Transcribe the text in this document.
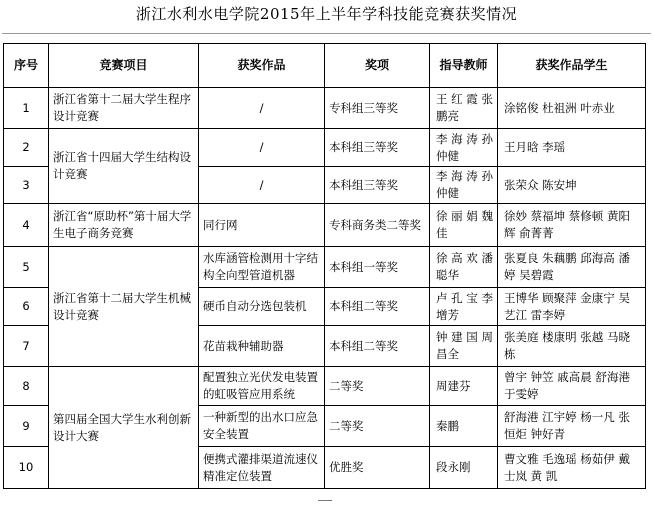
浙江水利水电学院2015年上半年学科技能竞赛获奖情况
序号	竞赛项目	获奖作品	奖项	指导教师	获奖作品学生
1	浙江省第十二届大学生程序设计竞赛	/	专科组三等奖	王 红 霞 张鹏亮	涂铭俊 杜祖洲 叶赤业
2	浙江省十四届大学生结构设计竞赛	/	本科组三等奖	李 海 涛 孙仲健	王月晗 李瑶
3		/	本科组三等奖	李 海 涛 孙仲健	张荣众 陈安坤
4	浙江省“原助杯”第十届大学生电子商务竞赛	同行网	专科商务类二等奖	徐 丽 娟 魏佳	徐妙 蔡福坤 蔡修顿 黄阳辉 俞菁菁
5	浙江省第十二届大学生机械设计竞赛	水库涵管检测用十字结构全向型管道机器	本科组一等奖	徐 高 欢 潘聪华	张夏良 朱藕鹏 邱海高 潘婷 吴碧霞
6		硬币自动分选包装机	本科组二等奖	卢 孔 宝 李增芳	王博华 顾聚萍 金康宁 吴艺江 雷李婷
7		花苗栽种辅助器	本科组二等奖	钟 建 国 周昌全	张美庭 楼康明 张越 马晓栋
8	第四届全国大学生水利创新设计大赛	配置独立光伏发电装置的虹吸管应用系统	二等奖	周建芬	曾宇 钟笠 戚高晨 舒海港 于雯婷
9		一种新型的出水口应急安全装置	二等奖	秦鹏	舒海港 江宇婷 杨一凡 张恒炬 钟好青
10		便携式灌排渠道流速仪精准定位装置	优胜奖	段永刚	曹文雅 毛逸瑶 杨茹伊 戴士岚 黄 凯
